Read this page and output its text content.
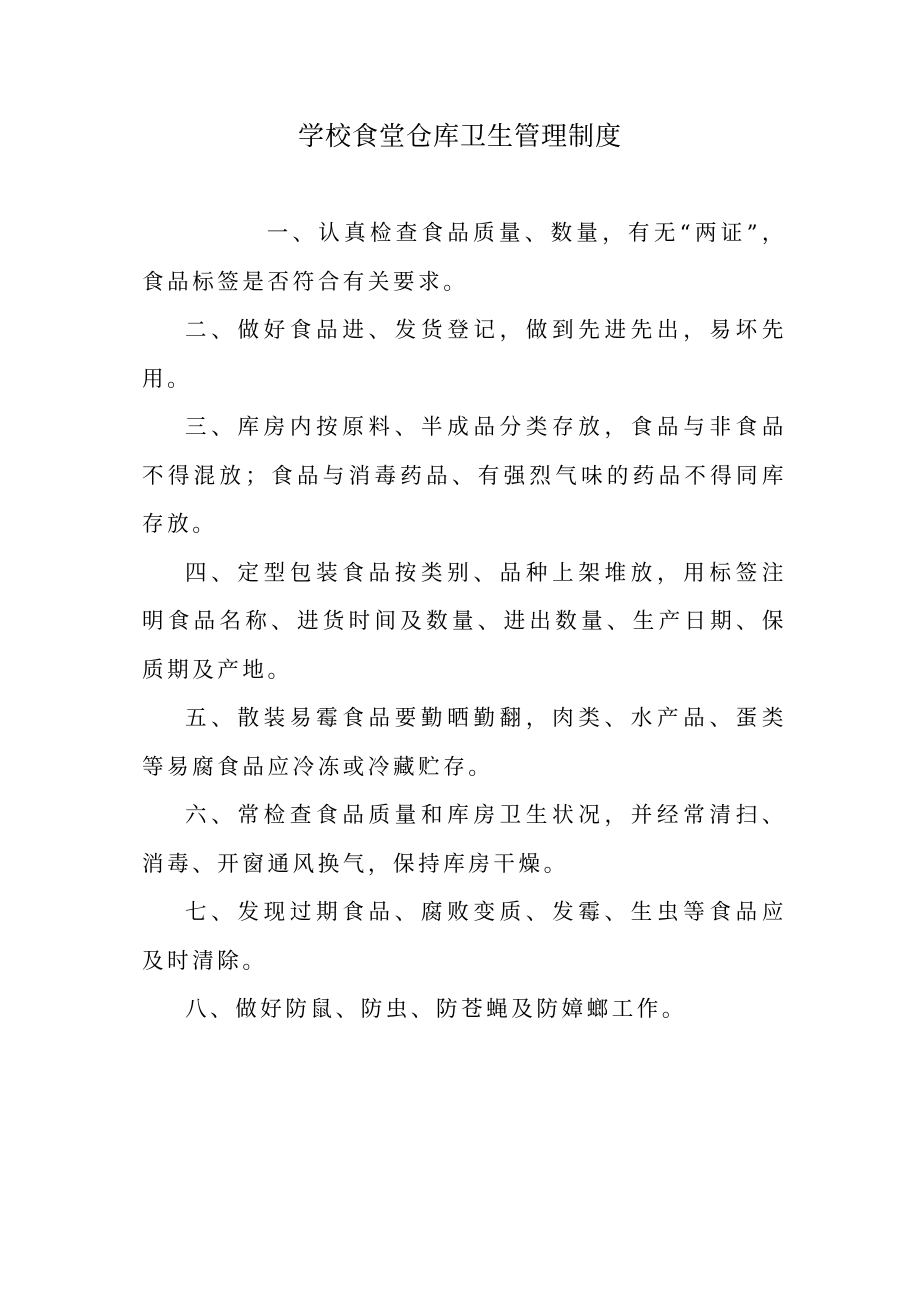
学校食堂仓库卫生管理制度

一、认真检查食品质量、数量，有无“两证”，食品标签是否符合有关要求。

二、做好食品进、发货登记，做到先进先出，易坏先用。

三、库房内按原料、半成品分类存放，食品与非食品不得混放；食品与消毒药品、有强烈气味的药品不得同库存放。

四、定型包装食品按类别、品种上架堆放，用标签注明食品名称、进货时间及数量、进出数量、生产日期、保质期及产地。

五、散装易霉食品要勤晒勤翻，肉类、水产品、蛋类等易腐食品应冷冻或冷藏贮存。

六、常检查食品质量和库房卫生状况，并经常清扫、消毒、开窗通风换气，保持库房干燥。

七、发现过期食品、腐败变质、发霉、生虫等食品应及时清除。

八、做好防鼠、防虫、防苍蝇及防嫜螂工作。
